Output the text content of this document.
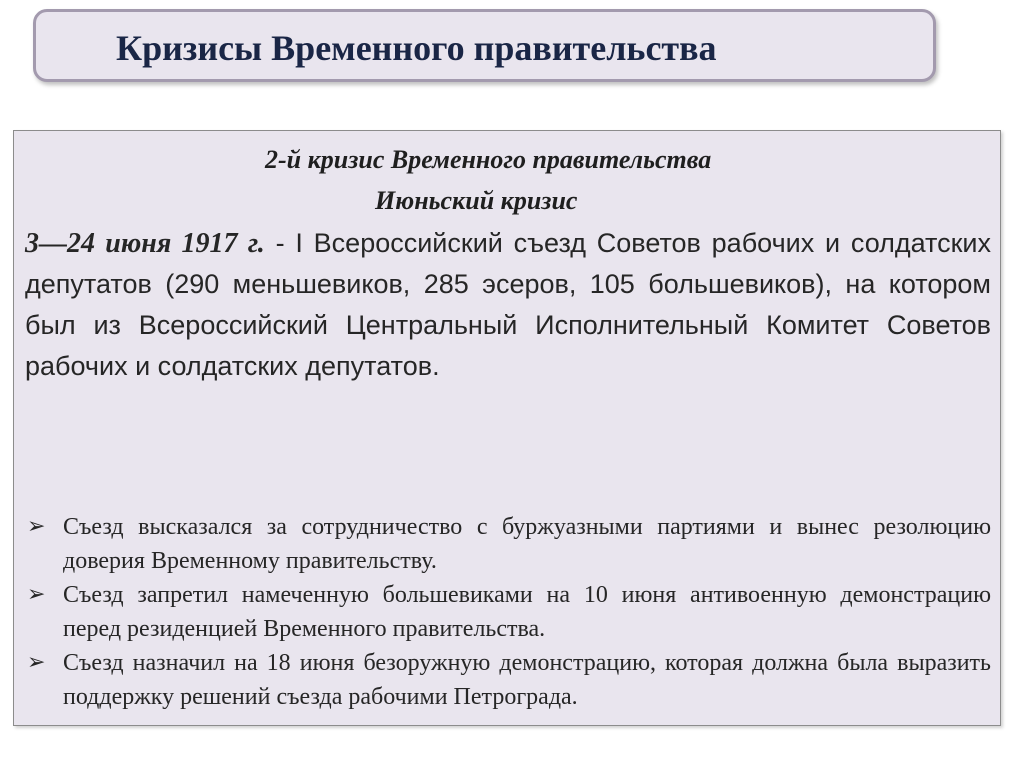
Кризисы Временного правительства

2-й кризис Временного правительства

Июньский кризис

3—24 июня 1917 г. - I Всероссийский съезд Советов рабочих и солдатских депутатов (290 меньшевиков, 285 эсеров, 105 большевиков), на котором был из Всероссийский Центральный Исполнительный Комитет Советов рабочих и солдатских депутатов.

➢ Съезд высказался за сотрудничество с буржуазными партиями и вынес резолюцию доверия Временному правительству.
➢ Съезд запретил намеченную большевиками на 10 июня антивоенную демонстрацию перед резиденцией Временного правительства.
➢ Съезд назначил на 18 июня безоружную демонстрацию, которая должна была выразить поддержку решений съезда рабочими Петрограда.
